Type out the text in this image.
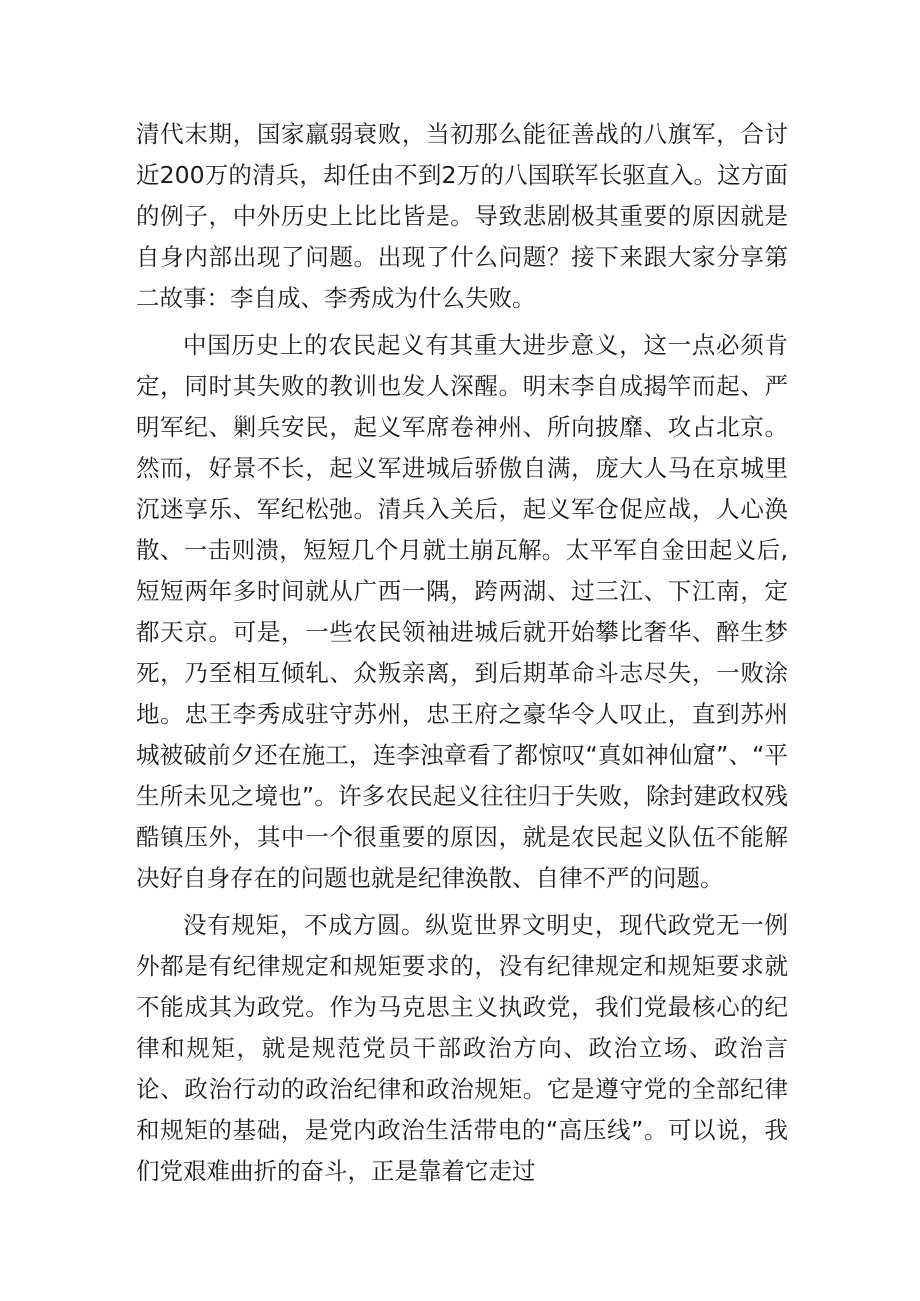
清代末期，国家羸弱衰败，当初那么能征善战的八旗军，合讨近200万的清兵，却任由不到2万的八国联军长驱直入。这方面的例子，中外历史上比比皆是。导致悲剧极其重要的原因就是自身内部出现了问题。出现了什么问题？接下来跟大家分享第二故事：李自成、李秀成为什么失败。

中国历史上的农民起义有其重大进步意义，这一点必须肯定，同时其失败的教训也发人深醒。明末李自成揭竿而起、严明军纪、剿兵安民，起义军席卷神州、所向披靡、攻占北京。然而，好景不长，起义军进城后骄傲自满，庞大人马在京城里沉迷享乐、军纪松弛。清兵入关后，起义军仓促应战，人心涣散、一击则溃，短短几个月就土崩瓦解。太平军自金田起义后,短短两年多时间就从广西一隅，跨两湖、过三江、下江南，定都天京。可是，一些农民领袖进城后就开始攀比奢华、醉生梦死，乃至相互倾轧、众叛亲离，到后期革命斗志尽失，一败涂地。忠王李秀成驻守苏州，忠王府之豪华令人叹止，直到苏州城被破前夕还在施工，连李浊章看了都惊叹“真如神仙窟”、“平生所未见之境也”。许多农民起义往往归于失败，除封建政权残酷镇压外，其中一个很重要的原因，就是农民起义队伍不能解决好自身存在的问题也就是纪律涣散、自律不严的问题。

没有规矩，不成方圆。纵览世界文明史，现代政党无一例外都是有纪律规定和规矩要求的，没有纪律规定和规矩要求就不能成其为政党。作为马克思主义执政党，我们党最核心的纪律和规矩，就是规范党员干部政治方向、政治立场、政治言论、政治行动的政治纪律和政治规矩。它是遵守党的全部纪律和规矩的基础，是党内政治生活带电的“高压线”。可以说，我们党艰难曲折的奋斗，正是靠着它走过
